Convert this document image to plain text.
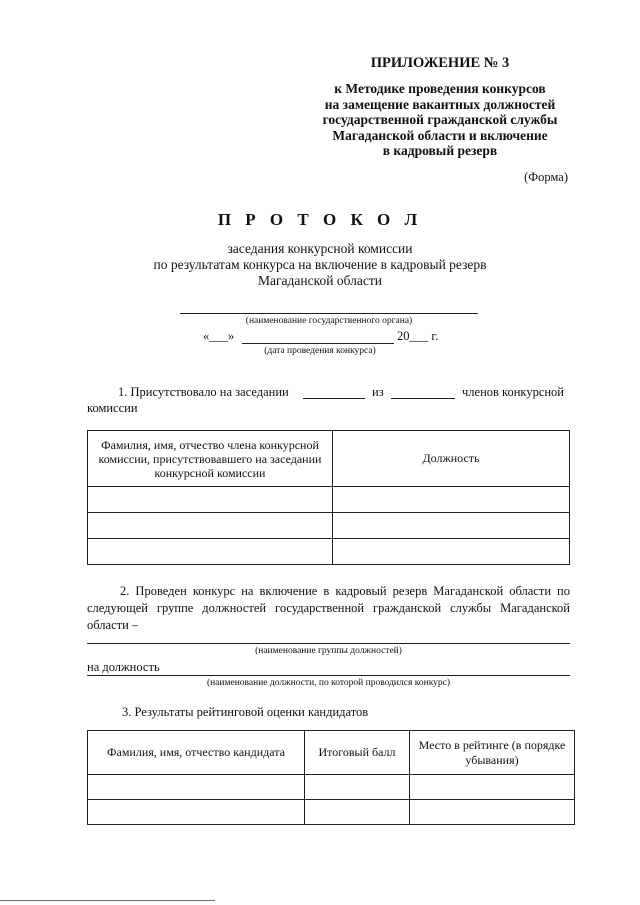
ПРИЛОЖЕНИЕ № 3
к Методике проведения конкурсов
на замещение вакантных должностей
государственной гражданской службы
Магаданской области и включение
в кадровый резерв
(Форма)
П Р О Т О К О Л
заседания конкурсной комиссии
по результатам конкурса на включение в кадровый резерв
Магаданской области
(наименование государственного органа)
«___»	20___ г.
(дата проведения конкурса)
1. Присутствовало на заседании	из	членов конкурсной
комиссии
Фамилия, имя, отчество члена конкурсной комиссии, присутствовавшего на заседании конкурсной комиссии	Должность

2. Проведен конкурс на включение в кадровый резерв Магаданской области по следующей группе должностей государственной гражданской службы Магаданской области –
(наименование группы должностей)
на должность
(наименование должности, по которой проводился конкурс)
3. Результаты рейтинговой оценки кандидатов
Фамилия, имя, отчество кандидата	Итоговый балл	Место в рейтинге (в порядке убывания)
